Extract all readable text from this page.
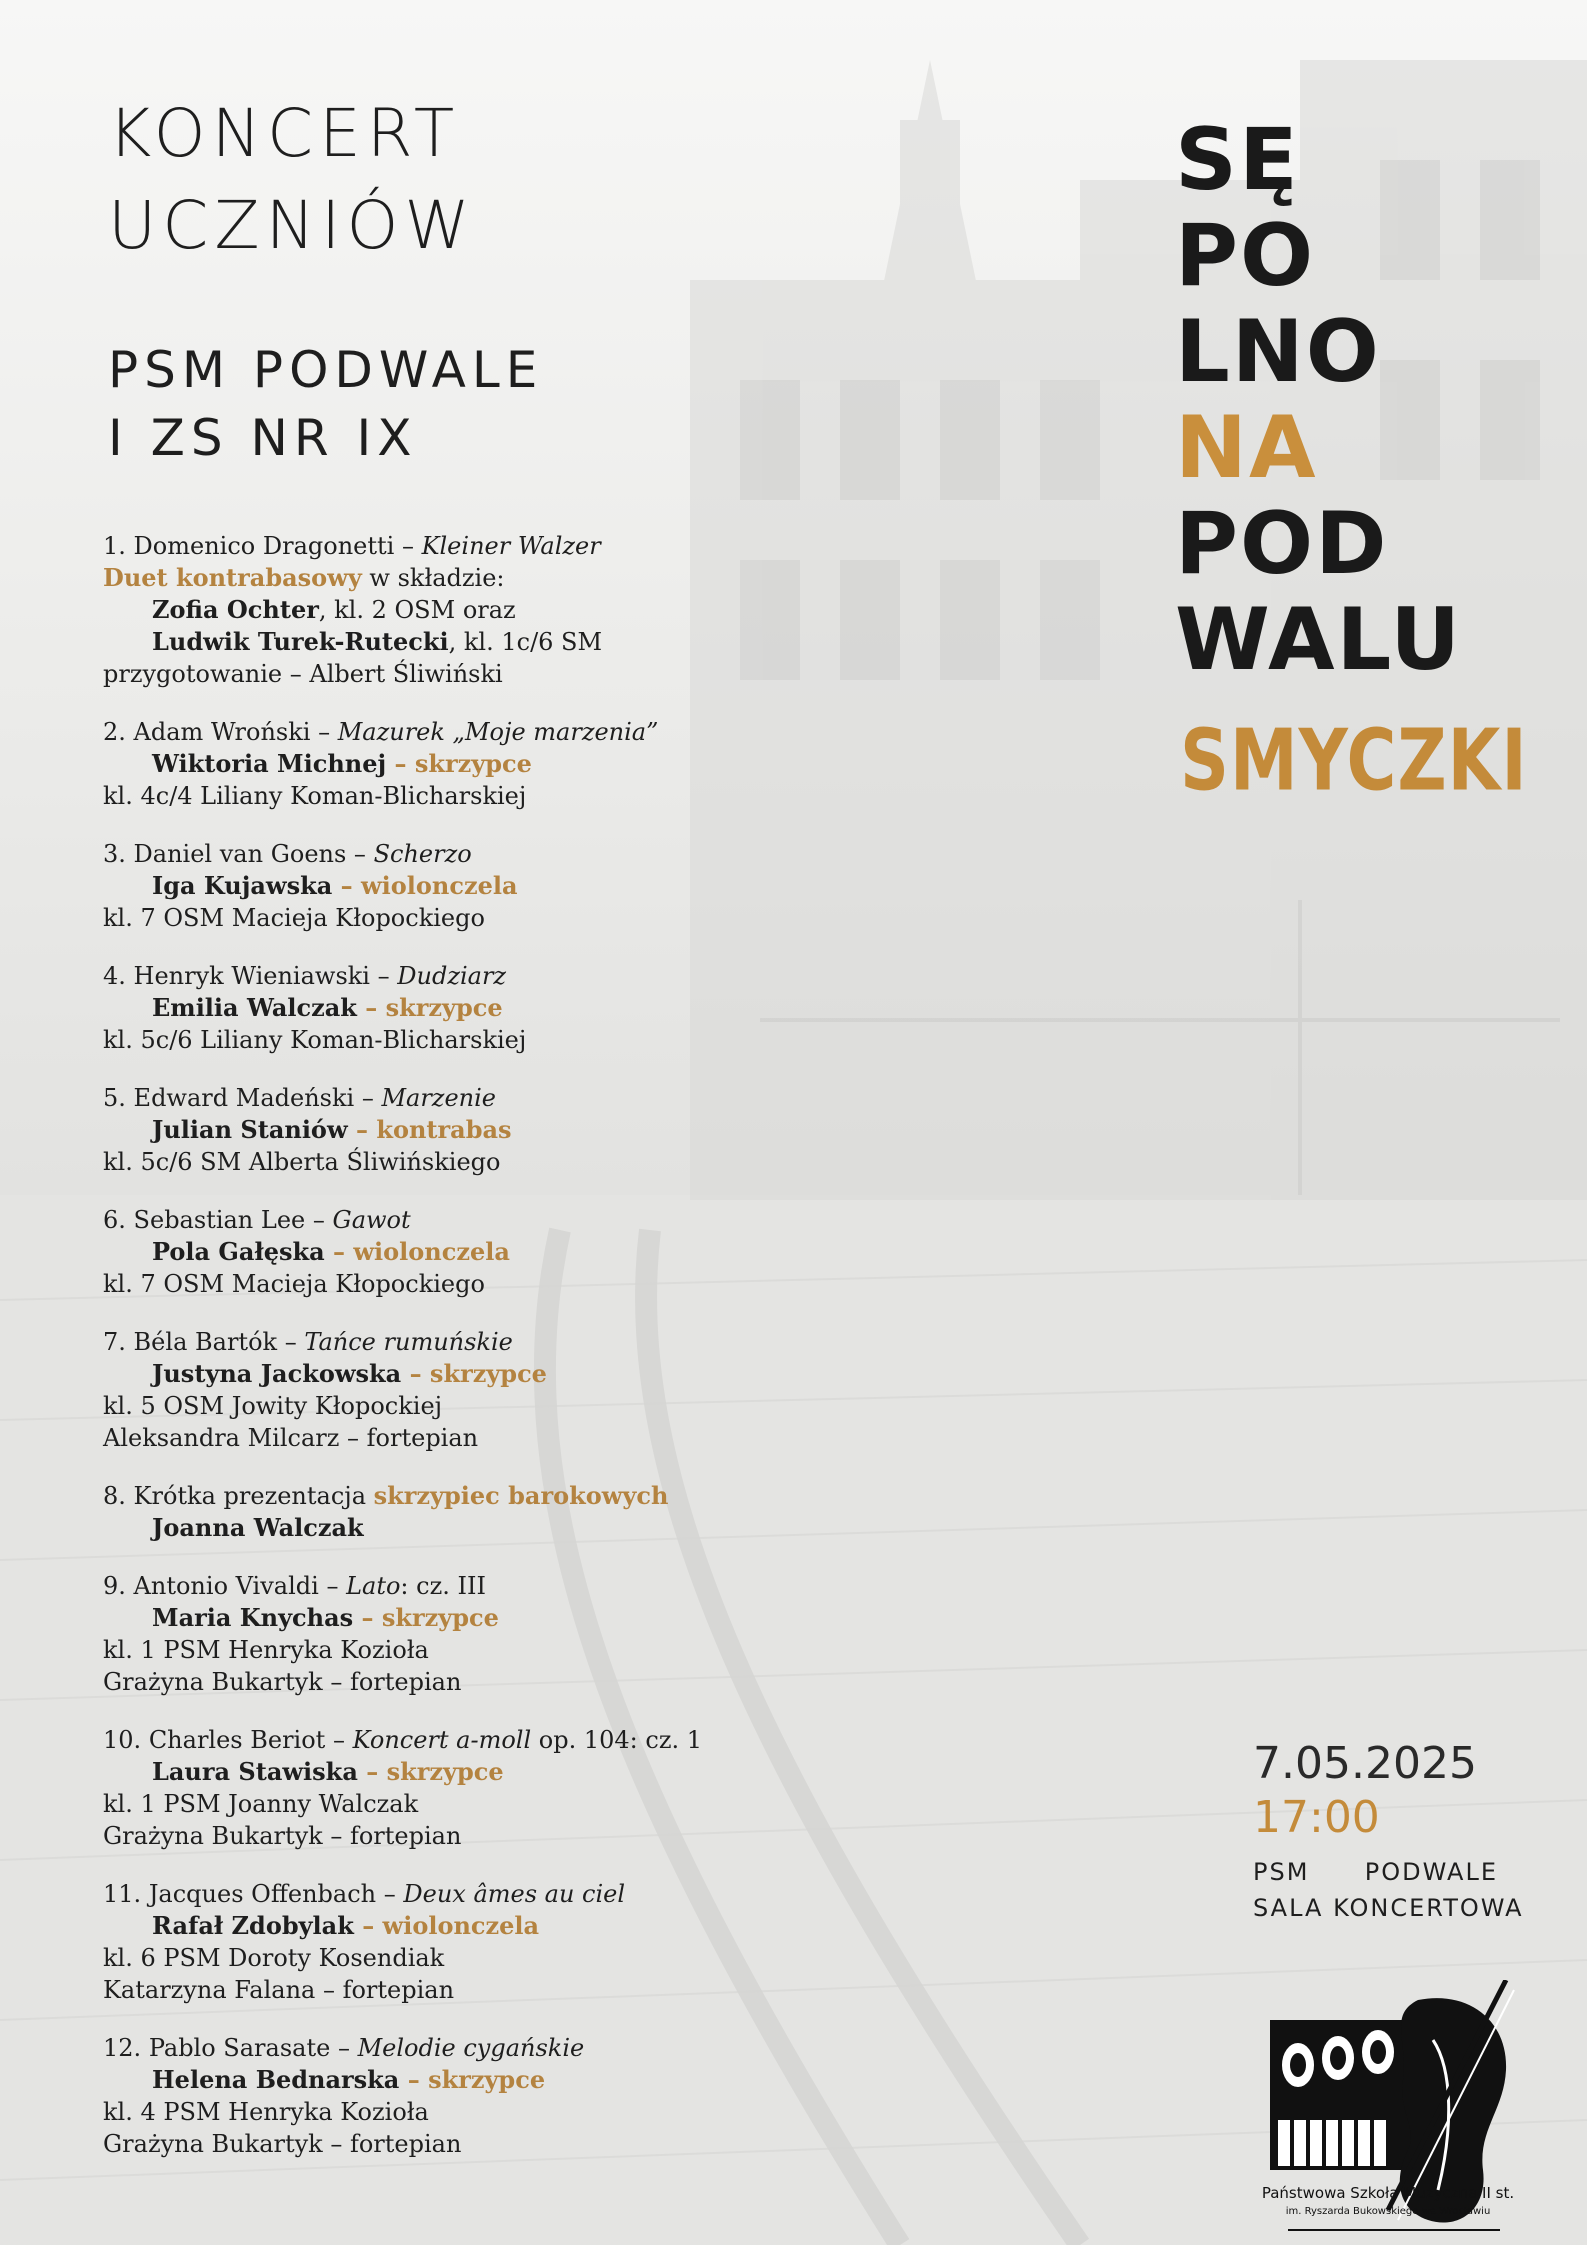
KONCERT
UCZNIÓW
PSM PODWALE
I ZS NR IX
1. Domenico Dragonetti – Kleiner Walzer
Duet kontrabasowy w składzie:
Zofia Ochter, kl. 2 OSM oraz
Ludwik Turek-Rutecki, kl. 1c/6 SM
przygotowanie – Albert Śliwiński
2. Adam Wroński – Mazurek „Moje marzenia”
Wiktoria Michnej – skrzypce
kl. 4c/4 Liliany Koman-Blicharskiej
3. Daniel van Goens – Scherzo
Iga Kujawska – wiolonczela
kl. 7 OSM Macieja Kłopockiego
4. Henryk Wieniawski – Dudziarz
Emilia Walczak – skrzypce
kl. 5c/6 Liliany Koman-Blicharskiej
5. Edward Madeński – Marzenie
Julian Staniów – kontrabas
kl. 5c/6 SM Alberta Śliwińskiego
6. Sebastian Lee – Gawot
Pola Gałęska – wiolonczela
kl. 7 OSM Macieja Kłopockiego
7. Béla Bartók – Tańce rumuńskie
Justyna Jackowska – skrzypce
kl. 5 OSM Jowity Kłopockiej
Aleksandra Milcarz – fortepian
8. Krótka prezentacja skrzypiec barokowych
Joanna Walczak
9. Antonio Vivaldi – Lato: cz. III
Maria Knychas – skrzypce
kl. 1 PSM Henryka Kozioła
Grażyna Bukartyk – fortepian
10. Charles Beriot – Koncert a-moll op. 104: cz. 1
Laura Stawiska – skrzypce
kl. 1 PSM Joanny Walczak
Grażyna Bukartyk – fortepian
11. Jacques Offenbach – Deux âmes au ciel
Rafał Zdobylak – wiolonczela
kl. 6 PSM Doroty Kosendiak
Katarzyna Falana – fortepian
12. Pablo Sarasate – Melodie cygańskie
Helena Bednarska – skrzypce
kl. 4 PSM Henryka Kozioła
Grażyna Bukartyk – fortepian
SĘ
PO
LNO
NA
POD
WALU
SMYCZKI
7.05.2025
17:00
PSM PODWALE
SALA KONCERTOWA
Państwowa Szkoła Muzyczna II st.
im. Ryszarda Bukowskiego we Wrocławiu
